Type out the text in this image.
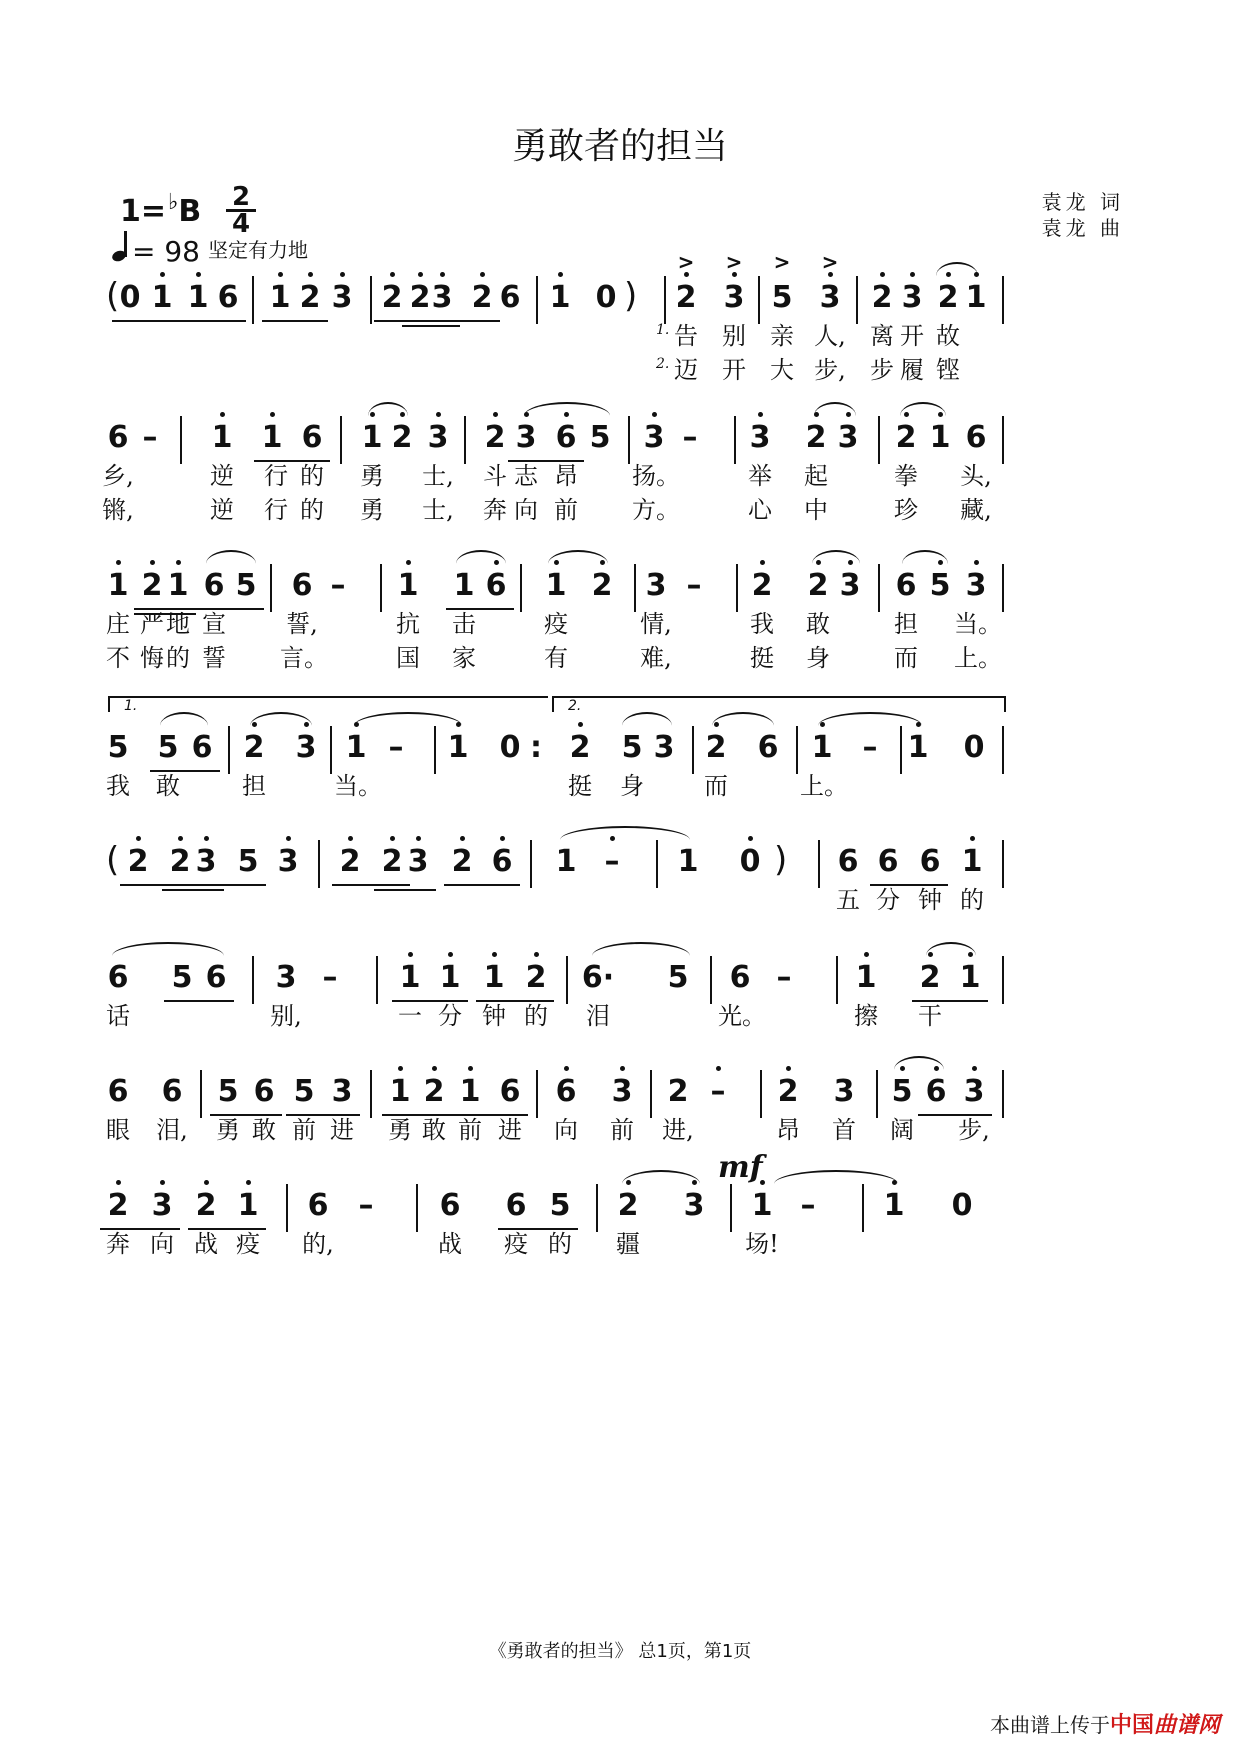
勇敢者的担当
1=♭B 2
4
= 98 坚定有力地
袁龙 词
袁龙 曲
0 1 1 6	1 2 3 2 2 3 2 6 1 0	2 3 5 3	2 3 2 1
告	别	亲 人,	离 开 故
迈	开	大 步,	步 履 铿
6 –	1 1 6	1 2 3	2 3 6 5	3 –	3	2 3	2 1 6
乡,	逆	行 的	勇	士,	斗 志 昂	扬。	举	起	拳	头,
锵,	逆	行 的	勇	士,	奔 向 前	方。	心	中	珍	藏,
1 2 1 6 5	6 –	1	1 6	1 2	3 –	2	2 3	6 5 3
庄 严 地 宣	誓,	抗	击	疫	情,	我	敢	担	当。
不 悔 的 誓	言。	国	家	有	难,	挺	身	而	上。
5 5 6	2	3 1 –	1	0	2	5 3	2	6	1	–	1	0
我	敢	担	当。	挺	身	而	上。
2 2 3 5 3	2 2 3 2 6	1 –	1	0	6 6 6 1
五 分 钟 的
6	5 6	3 –	1 1 1 2	6·	5	6 –	1	2 1
话	别,	一 分 钟 的	泪	光。	擦	干
6	6	5 6 5 3	1 2 1 6	6	3	2 –	2	3	5 6 3
眼	泪,	勇 敢 前 进	勇 敢 前 进	向	前	进,	昂	首	阔	步,
2 3 2 1	6	–	6	6 5	2	3	1 –	1	0
奔 向 战 疫	的,	战	疫 的	疆	场!
(	)
(	)
>	>	>	>
1.
2.
1.	2.
:
mf
《勇敢者的担当》 总1页，第1页
本曲谱上传于中国曲谱网
